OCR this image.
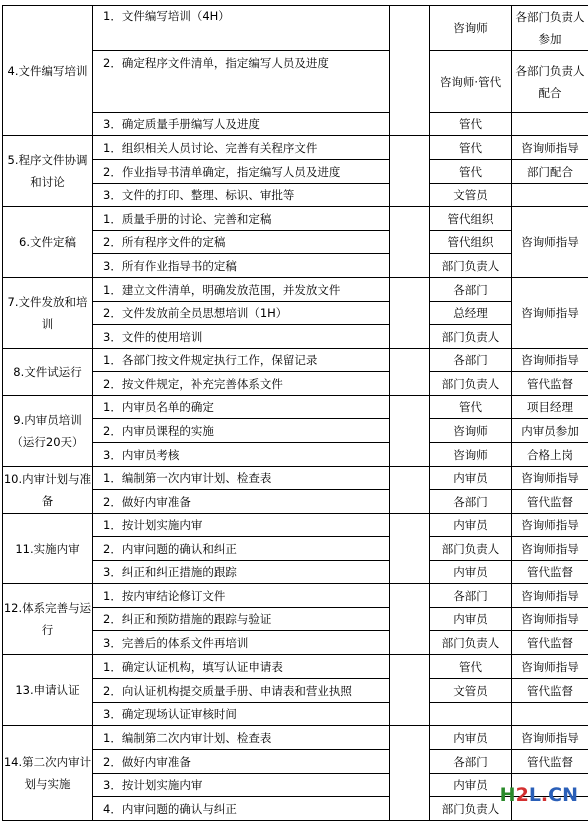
4.文件编写培训	1．文件编写培训（4H）		咨询师	各部门负责人参加
	2．确定程序文件清单，指定编写人员及进度		咨询师·管代	各部门负责人配合
	3．确定质量手册编写人及进度		管代	
5.程序文件协调和讨论	1．组织相关人员讨论、完善有关程序文件		管代	咨询师指导
	2．作业指导书清单确定，指定编写人员及进度		管代	部门配合
	3．文件的打印、整理、标识、审批等		文管员	
6.文件定稿	1．质量手册的讨论、完善和定稿		管代组织	咨询师指导
	2．所有程序文件的定稿		管代组织	
	3．所有作业指导书的定稿		部门负责人	
7.文件发放和培训	1．建立文件清单，明确发放范围，并发放文件		各部门	咨询师指导
	2．文件发放前全员思想培训（1H）		总经理	
	3．文件的使用培训		部门负责人	
8.文件试运行	1．各部门按文件规定执行工作，保留记录		各部门	咨询师指导
	2．按文件规定，补充完善体系文件		部门负责人	管代监督
9.内审员培训（运行20天）	1．内审员名单的确定		管代	项目经理
	2．内审员课程的实施		咨询师	内审员参加
	3．内审员考核		咨询师	合格上岗
10.内审计划与准备	1．编制第一次内审计划、检查表		内审员	咨询师指导
	2．做好内审准备		各部门	管代监督
11.实施内审	1．按计划实施内审		内审员	咨询师指导
	2．内审问题的确认和纠正		部门负责人	咨询师指导
	3．纠正和纠正措施的跟踪		内审员	管代监督
12.体系完善与运行	1．按内审结论修订文件		各部门	咨询师指导
	2．纠正和预防措施的跟踪与验证		内审员	咨询师指导
	3．完善后的体系文件再培训		部门负责人	管代监督
13.申请认证	1．确定认证机构，填写认证申请表		管代	咨询师指导
	2．向认证机构提交质量手册、申请表和营业执照		文管员	管代监督
	3．确定现场认证审核时间			
14.第二次内审计划与实施	1．编制第二次内审计划、检查表		内审员	咨询师指导
	2．做好内审准备		各部门	管代监督
	3．按计划实施内审		内审员	
	4．内审问题的确认与纠正		部门负责人	
H2L.CN
